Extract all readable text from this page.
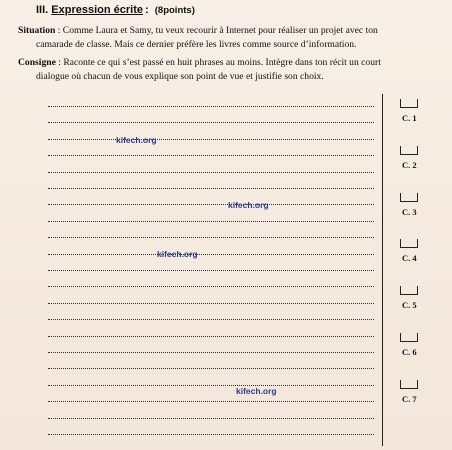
III. Expression écrite : (8points)
Situation : Comme Laura et Samy, tu veux recourir à Internet pour réaliser un projet avec ton
camarade de classe. Mais ce dernier préfère les livres comme source d’information.
Consigne : Raconte ce qui s’est passé en huit phrases au moins. Intègre dans ton récit un court
dialogue où chacun de vous explique son point de vue et justifie son choix.
C. 1
C. 2
C. 3
C. 4
C. 5
C. 6
C. 7
kifech.org
kifech.org
kifech.org
kifech.org
